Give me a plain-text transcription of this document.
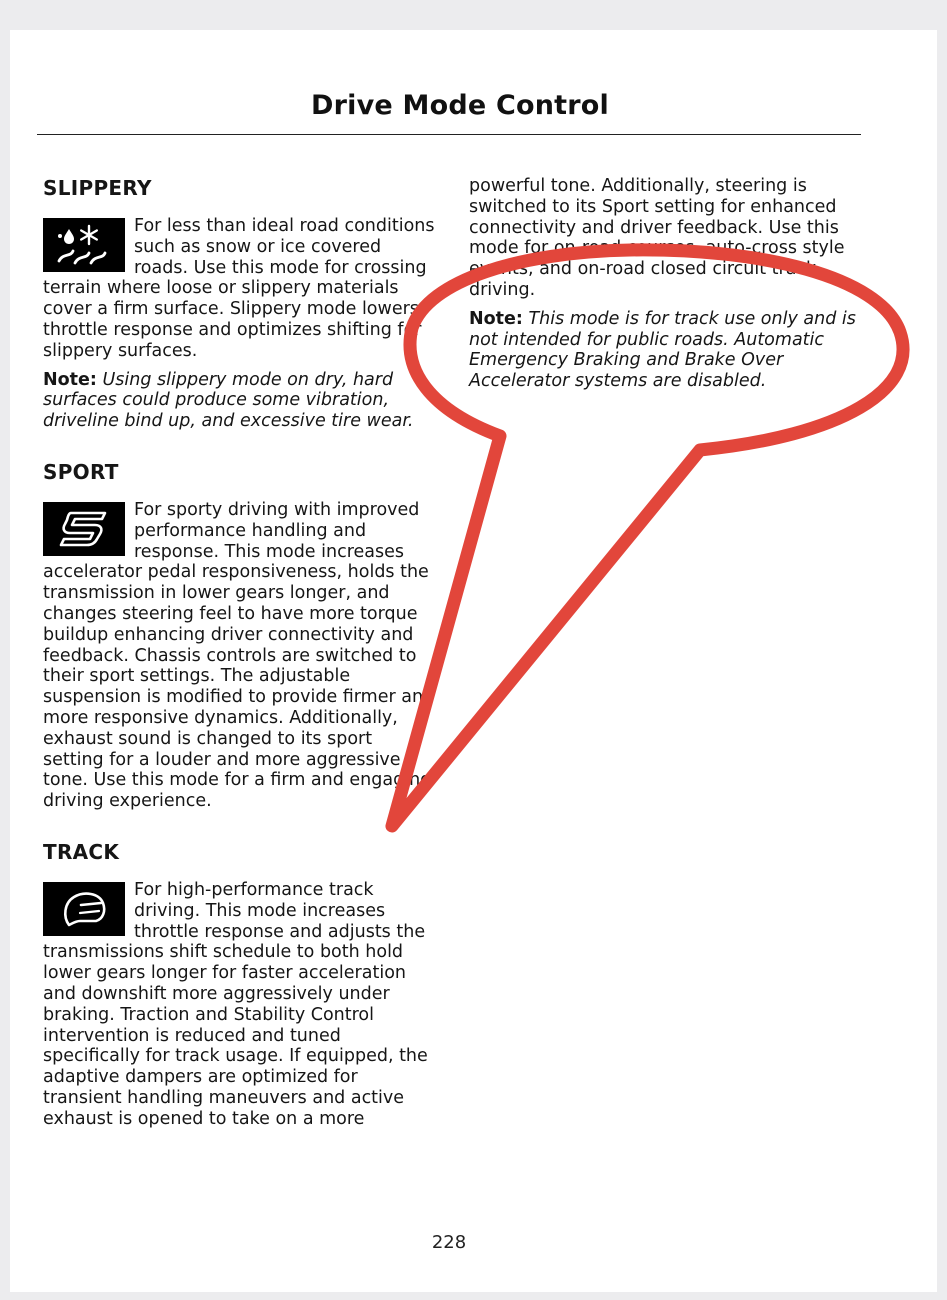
Drive Mode Control
SLIPPERY

For less than ideal road conditions such as snow or ice covered roads. Use this mode for crossing terrain where loose or slippery materials cover a firm surface. Slippery mode lowers throttle response and optimizes shifting for slippery surfaces.

Note: Using slippery mode on dry, hard surfaces could produce some vibration, driveline bind up, and excessive tire wear.

SPORT

For sporty driving with improved performance handling and response. This mode increases accelerator pedal responsiveness, holds the transmission in lower gears longer, and changes steering feel to have more torque buildup enhancing driver connectivity and feedback. Chassis controls are switched to their sport settings. The adjustable suspension is modified to provide firmer and more responsive dynamics. Additionally, exhaust sound is changed to its sport setting for a louder and more aggressive tone. Use this mode for a firm and engaging driving experience.

TRACK

For high-performance track driving. This mode increases throttle response and adjusts the transmissions shift schedule to both hold lower gears longer for faster acceleration and downshift more aggressively under braking. Traction and Stability Control intervention is reduced and tuned specifically for track usage. If equipped, the adaptive dampers are optimized for transient handling maneuvers and active exhaust is opened to take on a more

powerful tone. Additionally, steering is switched to its Sport setting for enhanced connectivity and driver feedback. Use this mode for on-road courses, auto-cross style events, and on-road closed circuit track driving.

Note: This mode is for track use only and is not intended for public roads. Automatic Emergency Braking and Brake Over Accelerator systems are disabled.

228
